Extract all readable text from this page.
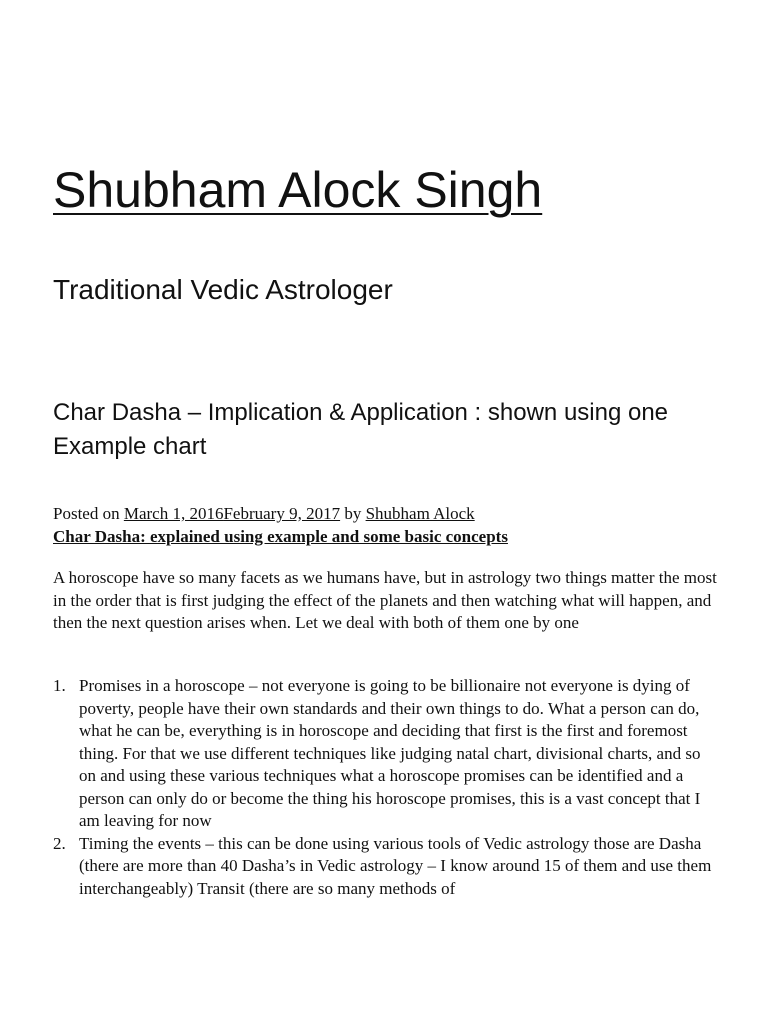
Shubham Alock Singh
Traditional Vedic Astrologer
Char Dasha – Implication & Application : shown using one Example chart
Posted on March 1, 2016February 9, 2017 by Shubham Alock
Char Dasha: explained using example and some basic concepts

A horoscope have so many facets as we humans have, but in astrology two things matter the most in the order that is first judging the effect of the planets and then watching what will happen, and then the next question arises when. Let we deal with both of them one by one

1. Promises in a horoscope – not everyone is going to be billionaire not everyone is dying of poverty, people have their own standards and their own things to do. What a person can do, what he can be, everything is in horoscope and deciding that first is the first and foremost thing. For that we use different techniques like judging natal chart, divisional charts, and so on and using these various techniques what a horoscope promises can be identified and a person can only do or become the thing his horoscope promises, this is a vast concept that I am leaving for now
2. Timing the events – this can be done using various tools of Vedic astrology those are Dasha (there are more than 40 Dasha’s in Vedic astrology – I know around 15 of them and use them interchangeably) Transit (there are so many methods of
